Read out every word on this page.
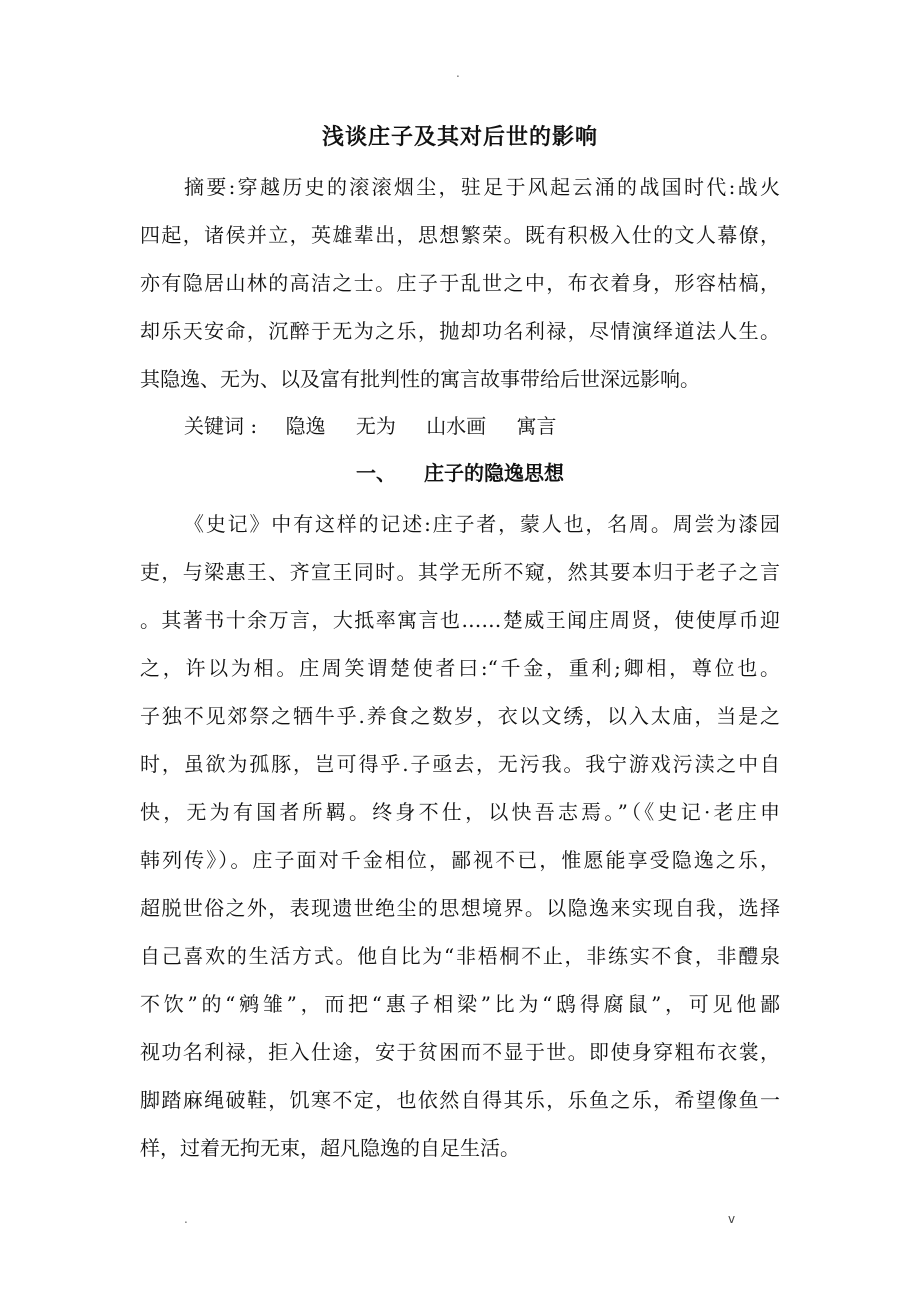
.
浅谈庄子及其对后世的影响
摘要:穿越历史的滚滚烟尘，驻足于风起云涌的战国时代:战火
四起，诸侯并立，英雄辈出，思想繁荣。既有积极入仕的文人幕僚，
亦有隐居山林的高洁之士。庄子于乱世之中，布衣着身，形容枯槁，
却乐天安命，沉醉于无为之乐，抛却功名利禄，尽情演绎道法人生。
其隐逸、无为、以及富有批判性的寓言故事带给后世深远影响。
关键词 : 隐逸 无为 山水画 寓言
一、 庄子的隐逸思想
《史记》中有这样的记述:庄子者，蒙人也，名周。周尝为漆园
吏，与梁惠王、齐宣王同时。其学无所不窥，然其要本归于老子之言
。其著书十余万言，大抵率寓言也……楚威王闻庄周贤，使使厚币迎
之，许以为相。庄周笑谓楚使者曰:“千金，重利;卿相，尊位也。
子独不见郊祭之牺牛乎.养食之数岁，衣以文绣，以入太庙，当是之
时，虽欲为孤豚，岂可得乎.子亟去，无污我。我宁游戏污渎之中自
快，无为有国者所羁。终身不仕，以快吾志焉。”（《史记·老庄申
韩列传》）。庄子面对千金相位，鄙视不已，惟愿能享受隐逸之乐，
超脱世俗之外，表现遗世绝尘的思想境界。以隐逸来实现自我，选择
自己喜欢的生活方式。他自比为“非梧桐不止，非练实不食，非醴泉
不饮”的“鹓雏”，而把“惠子相梁”比为“鸱得腐鼠”，可见他鄙
视功名利禄，拒入仕途，安于贫困而不显于世。即使身穿粗布衣裳，
脚踏麻绳破鞋，饥寒不定，也依然自得其乐，乐鱼之乐，希望像鱼一
样，过着无拘无束，超凡隐逸的自足生活。
.	v
